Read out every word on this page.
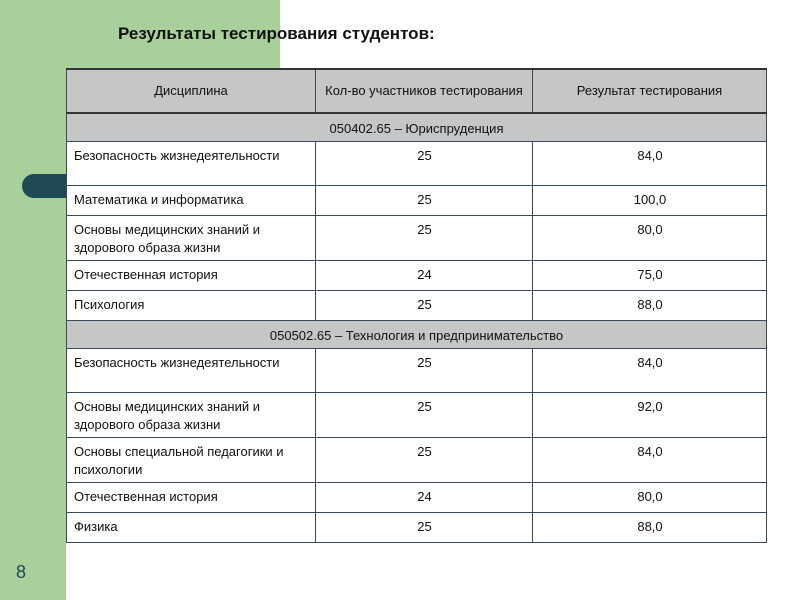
8
Результаты тестирования студентов:
Дисциплина	Кол-во участников тестирования	Результат тестирования
050402.65 – Юриспруденция		
Безопасность жизнедеятельности	25	84,0
Математика и информатика	25	100,0
Основы медицинских знаний и здорового образа жизни	25	80,0
Отечественная история	24	75,0
Психология	25	88,0
050502.65 – Технология и предпринимательство		
Безопасность жизнедеятельности	25	84,0
Основы медицинских знаний и здорового образа жизни	25	92,0
Основы специальной педагогики и психологии	25	84,0
Отечественная история	24	80,0
Физика	25	88,0
